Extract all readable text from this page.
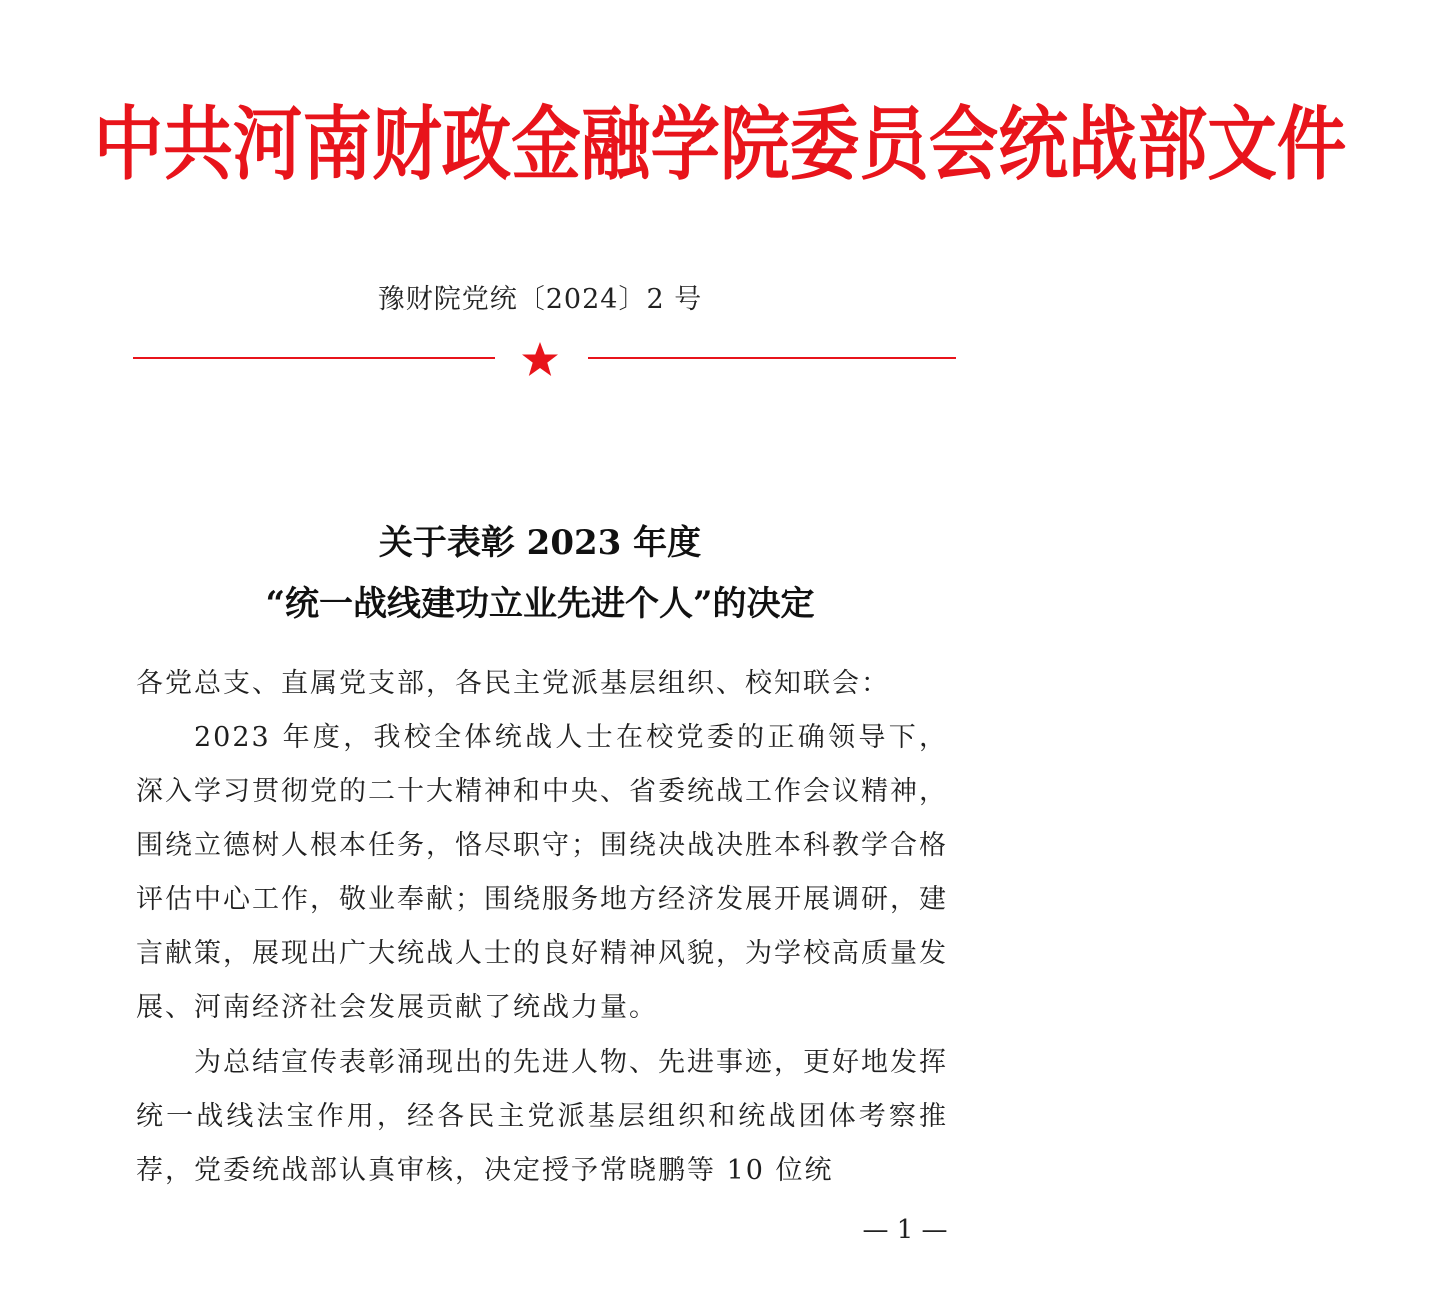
中共河南财政金融学院委员会统战部文件
豫财院党统〔2024〕2 号
关于表彰 2023 年度
“统一战线建功立业先进个人”的决定
各党总支、直属党支部，各民主党派基层组织、校知联会：
2023 年度，我校全体统战人士在校党委的正确领导下，深入学习贯彻党的二十大精神和中央、省委统战工作会议精神，围绕立德树人根本任务，恪尽职守；围绕决战决胜本科教学合格评估中心工作，敬业奉献；围绕服务地方经济发展开展调研，建言献策，展现出广大统战人士的良好精神风貌，为学校高质量发展、河南经济社会发展贡献了统战力量。
为总结宣传表彰涌现出的先进人物、先进事迹，更好地发挥统一战线法宝作用，经各民主党派基层组织和统战团体考察推荐，党委统战部认真审核，决定授予常晓鹏等 10 位统
— 1 —
